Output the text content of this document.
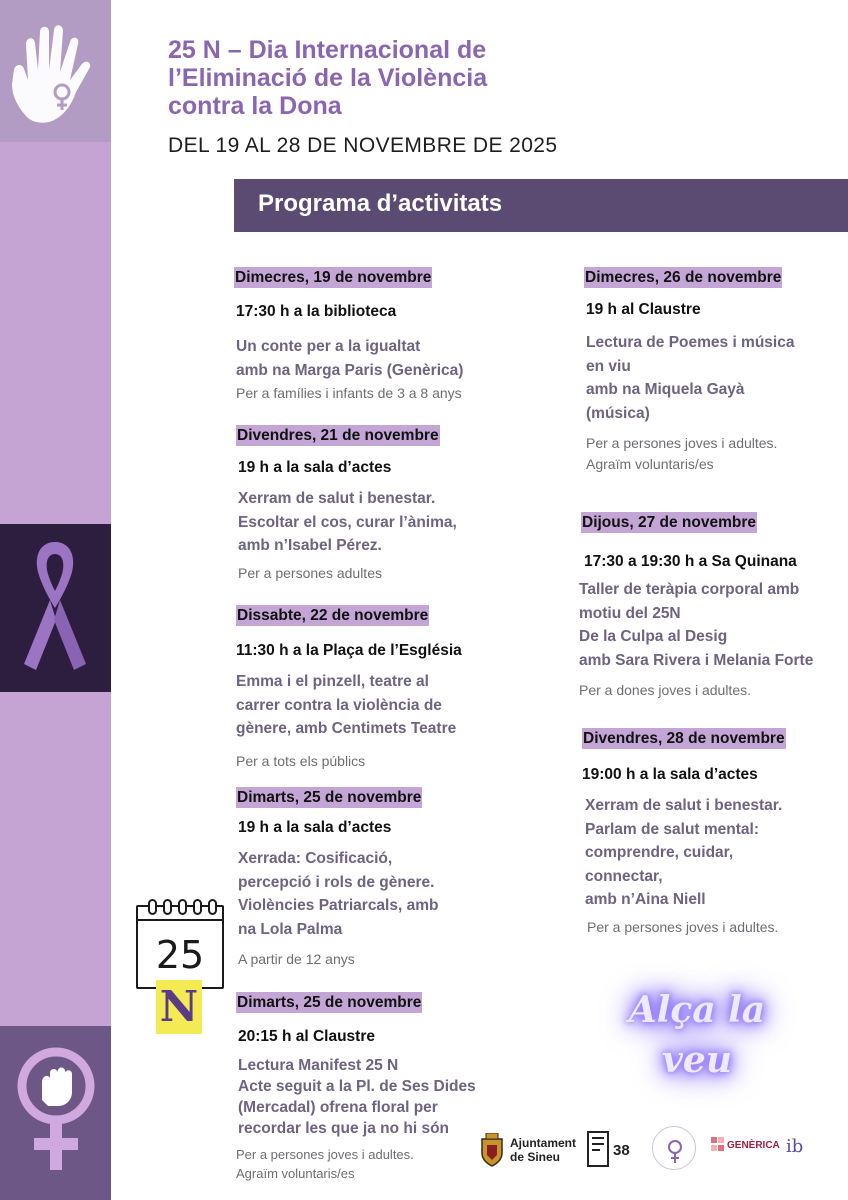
25 N – Dia Internacional de
l’Eliminació de la Violència
contra la Dona
DEL 19 AL 28 DE NOVEMBRE DE 2025
Programa d’activitats
Dimecres, 19 de novembre
17:30 h a la biblioteca
Un conte per a la igualtat
amb na Marga Paris (Genèrica)
Per a famílies i infants de 3 a 8 anys
Divendres, 21 de novembre
19 h a la sala d’actes
Xerram de salut i benestar.
Escoltar el cos, curar l’ànima,
amb n’Isabel Pérez.
Per a persones adultes
Dissabte, 22 de novembre
11:30 h a la Plaça de l’Església
Emma i el pinzell, teatre al
carrer contra la violència de
gènere, amb Centimets Teatre
Per a tots els públics
Dimarts, 25 de novembre
19 h a la sala d’actes
Xerrada: Cosificació,
percepció i rols de gènere.
Violències Patriarcals, amb
na Lola Palma
A partir de 12 anys
Dimarts, 25 de novembre
20:15 h al Claustre
Lectura Manifest 25 N
Acte seguit a la Pl. de Ses Dides
(Mercadal) ofrena floral per
recordar les que ja no hi són
Per a persones joves i adultes.
Agraïm voluntaris/es
Dimecres, 26 de novembre
19 h al Claustre
Lectura de Poemes i música
en viu
amb na Miquela Gayà
(música)
Per a persones joves i adultes.
Agraïm voluntaris/es
Dijous, 27 de novembre
17:30 a 19:30 h a Sa Quinana
Taller de teràpia corporal amb
motiu del 25N
De la Culpa al Desig
amb Sara Rivera i Melania Forte
Per a dones joves i adultes.
Divendres, 28 de novembre
19:00 h a la sala d’actes
Xerram de salut i benestar.
Parlam de salut mental:
comprendre, cuidar,
connectar,
amb n’Aina Niell
Per a persones joves i adultes.
25
N	Alça la
veu
Ajuntament
de Sineu	38	GENÈRICA ib
